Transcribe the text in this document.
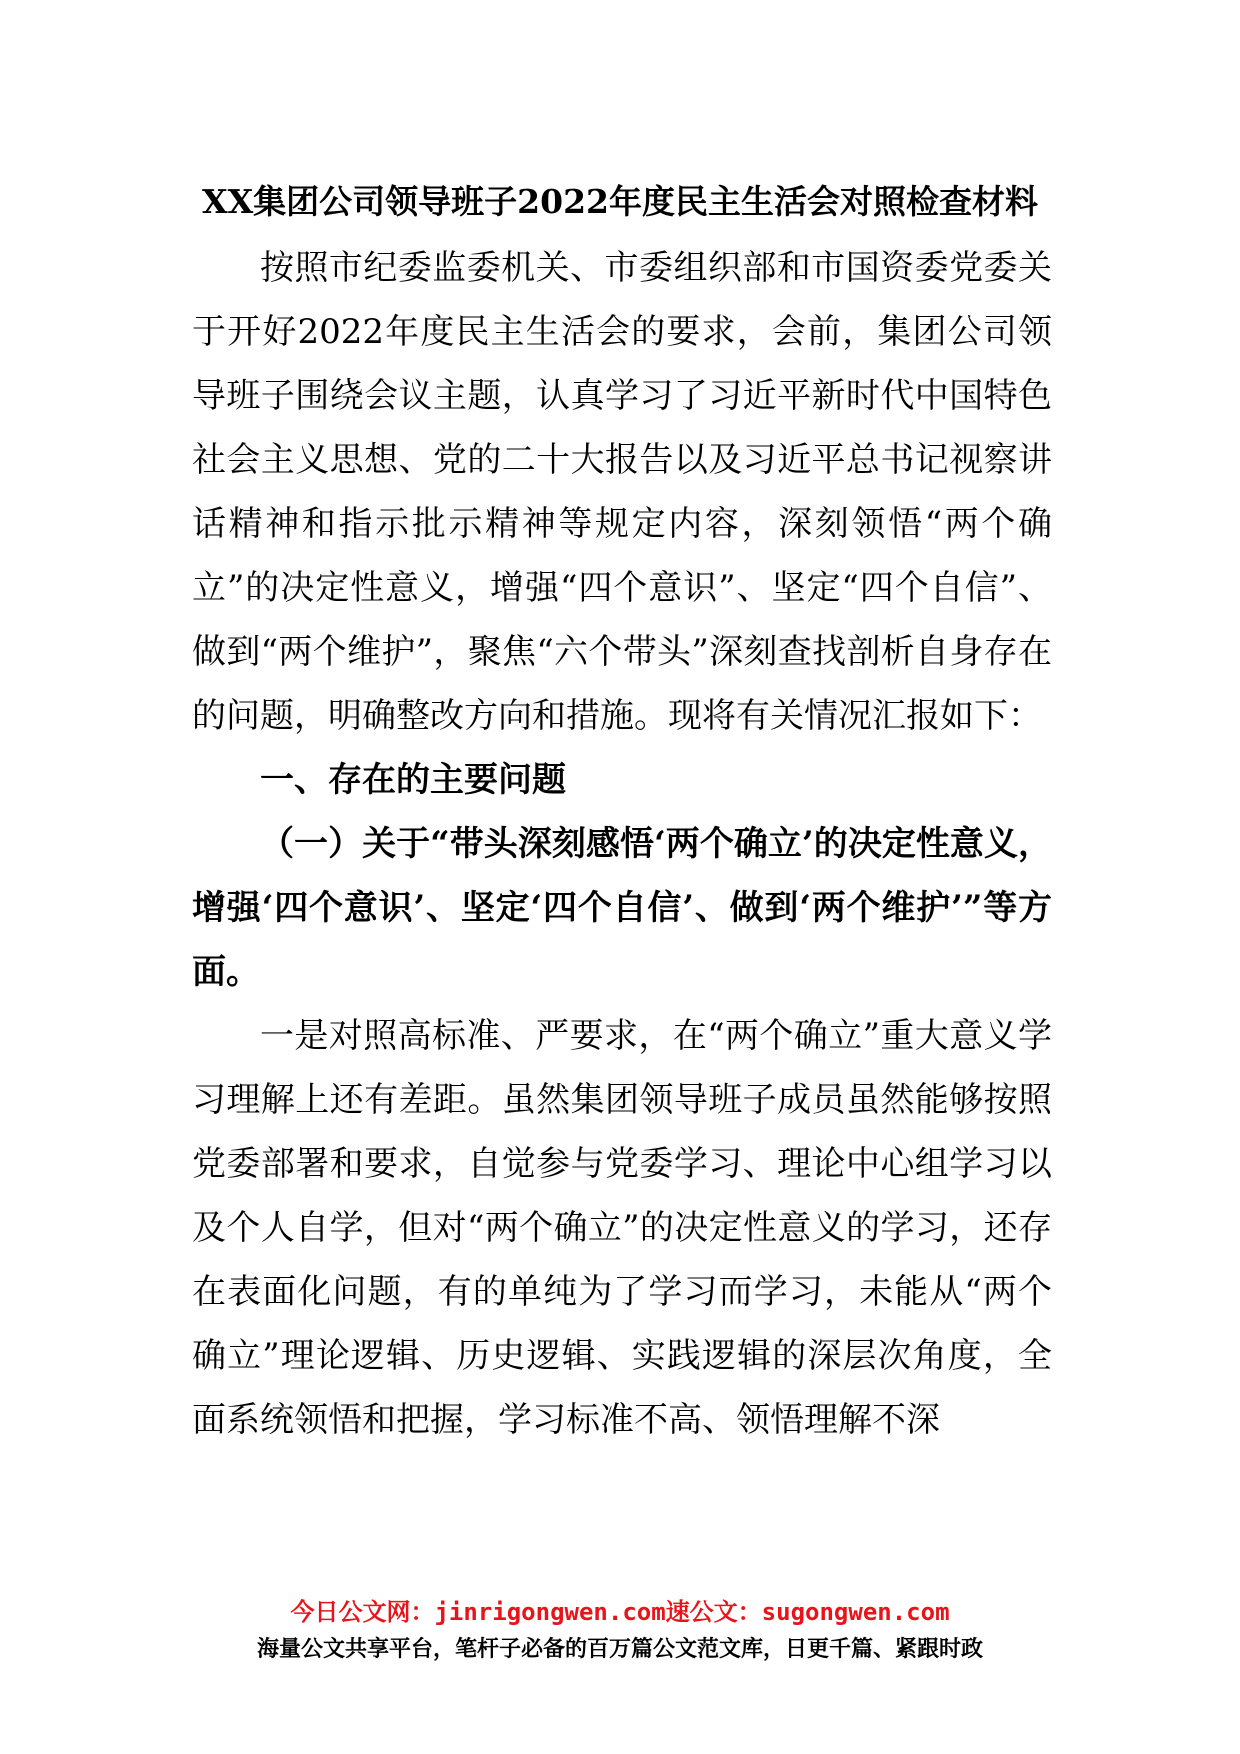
XX集团公司领导班子2022年度民主生活会对照检查材料

按照市纪委监委机关、市委组织部和市国资委党委关于开好2022年度民主生活会的要求，会前，集团公司领导班子围绕会议主题，认真学习了习近平新时代中国特色社会主义思想、党的二十大报告以及习近平总书记视察讲话精神和指示批示精神等规定内容，深刻领悟“两个确立”的决定性意义，增强“四个意识”、坚定“四个自信”、做到“两个维护”，聚焦“六个带头”深刻查找剖析自身存在的问题，明确整改方向和措施。现将有关情况汇报如下：

一、存在的主要问题
（一）关于“带头深刻感悟‘两个确立’的决定性意义，增强‘四个意识’、坚定‘四个自信’、做到‘两个维护’”等方面。

一是对照高标准、严要求，在“两个确立”重大意义学习理解上还有差距。虽然集团领导班子成员虽然能够按照党委部署和要求，自觉参与党委学习、理论中心组学习以及个人自学，但对“两个确立”的决定性意义的学习，还存在表面化问题，有的单纯为了学习而学习，未能从“两个确立”理论逻辑、历史逻辑、实践逻辑的深层次角度，全面系统领悟和把握，学习标准不高、领悟理解不深

今日公文网：jinrigongwen.com速公文：sugongwen.com
海量公文共享平台，笔杆子必备的百万篇公文范文库，日更千篇、紧跟时政
